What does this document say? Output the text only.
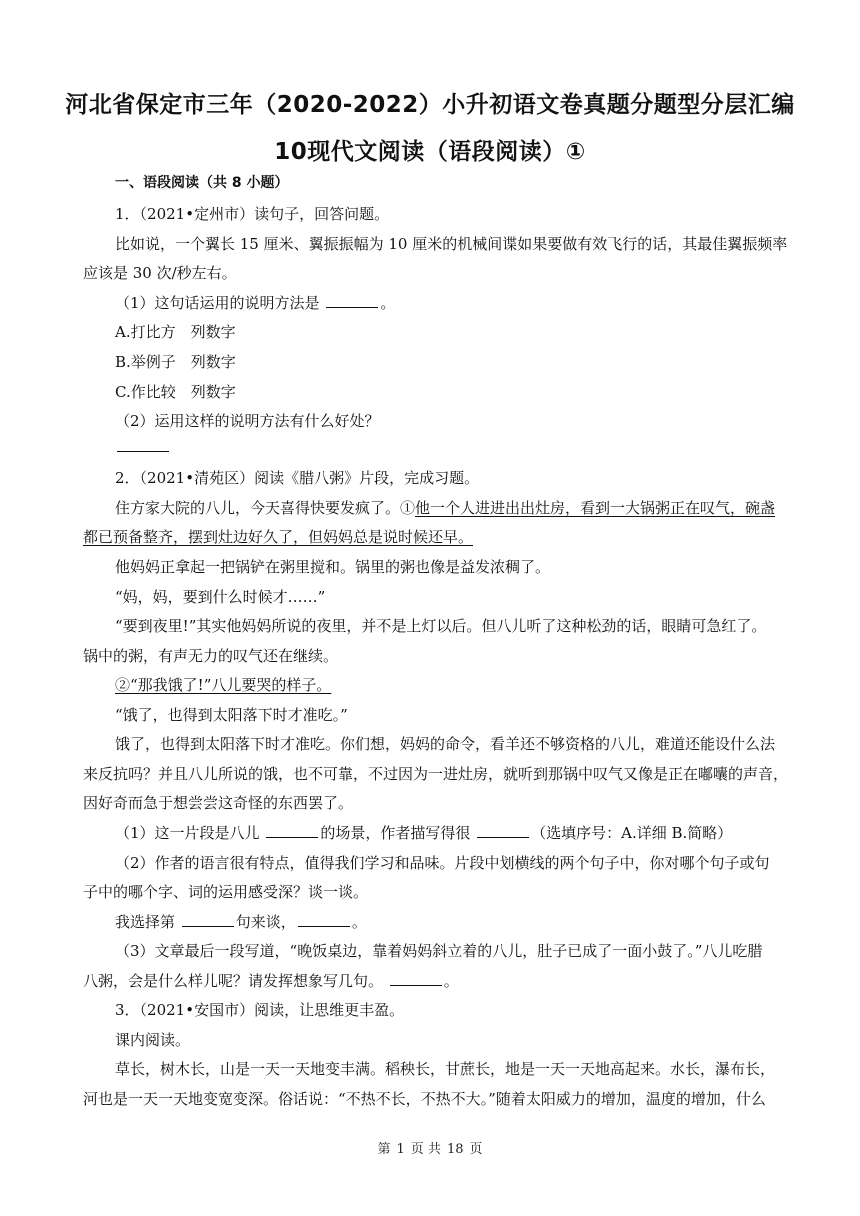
河北省保定市三年（2020-2022）小升初语文卷真题分题型分层汇编
10现代文阅读（语段阅读）①
一、语段阅读（共 8 小题）
1．（2021•定州市）读句子，回答问题。
比如说，一个翼长 15 厘米、翼振振幅为 10 厘米的机械间谍如果要做有效飞行的话，其最佳翼振频率
应该是 30 次/秒左右。
（1）这句话运用的说明方法是	。
A.打比方　列数字
B.举例子　列数字
C.作比较　列数字
（2）运用这样的说明方法有什么好处？
2．（2021•清苑区）阅读《腊八粥》片段，完成习题。
住方家大院的八儿，今天喜得快要发疯了。①他一个人进进出出灶房，看到一大锅粥正在叹气，碗盏
都已预备整齐，摆到灶边好久了，但妈妈总是说时候还早。
他妈妈正拿起一把锅铲在粥里搅和。锅里的粥也像是益发浓稠了。
“妈，妈，要到什么时候才……”
“要到夜里!”其实他妈妈所说的夜里，并不是上灯以后。但八儿听了这种松劲的话，眼睛可急红了。
锅中的粥，有声无力的叹气还在继续。
②“那我饿了!”八儿要哭的样子。
“饿了，也得到太阳落下时才准吃。”
饿了，也得到太阳落下时才准吃。你们想，妈妈的命令，看羊还不够资格的八儿，难道还能设什么法
来反抗吗？并且八儿所说的饿，也不可靠，不过因为一进灶房，就听到那锅中叹气又像是正在嘟囔的声音，
因好奇而急于想尝尝这奇怪的东西罢了。
（1）这一片段是八儿	的场景，作者描写得很	（选填序号：A.详细 B.简略）
（2）作者的语言很有特点，值得我们学习和品味。片段中划横线的两个句子中，你对哪个句子或句
子中的哪个字、词的运用感受深？谈一谈。
我选择第	句来谈，	。
（3）文章最后一段写道，“晚饭桌边，靠着妈妈斜立着的八儿，肚子已成了一面小鼓了。”八儿吃腊
八粥，会是什么样儿呢？请发挥想象写几句。	。
3．（2021•安国市）阅读，让思维更丰盈。
课内阅读。
草长，树木长，山是一天一天地变丰满。稻秧长，甘蔗长，地是一天一天地高起来。水长，瀑布长，
河也是一天一天地变宽变深。俗话说：“不热不长，不热不大。”随着太阳威力的增加，温度的增加，什么
第 1 页 共 18 页
